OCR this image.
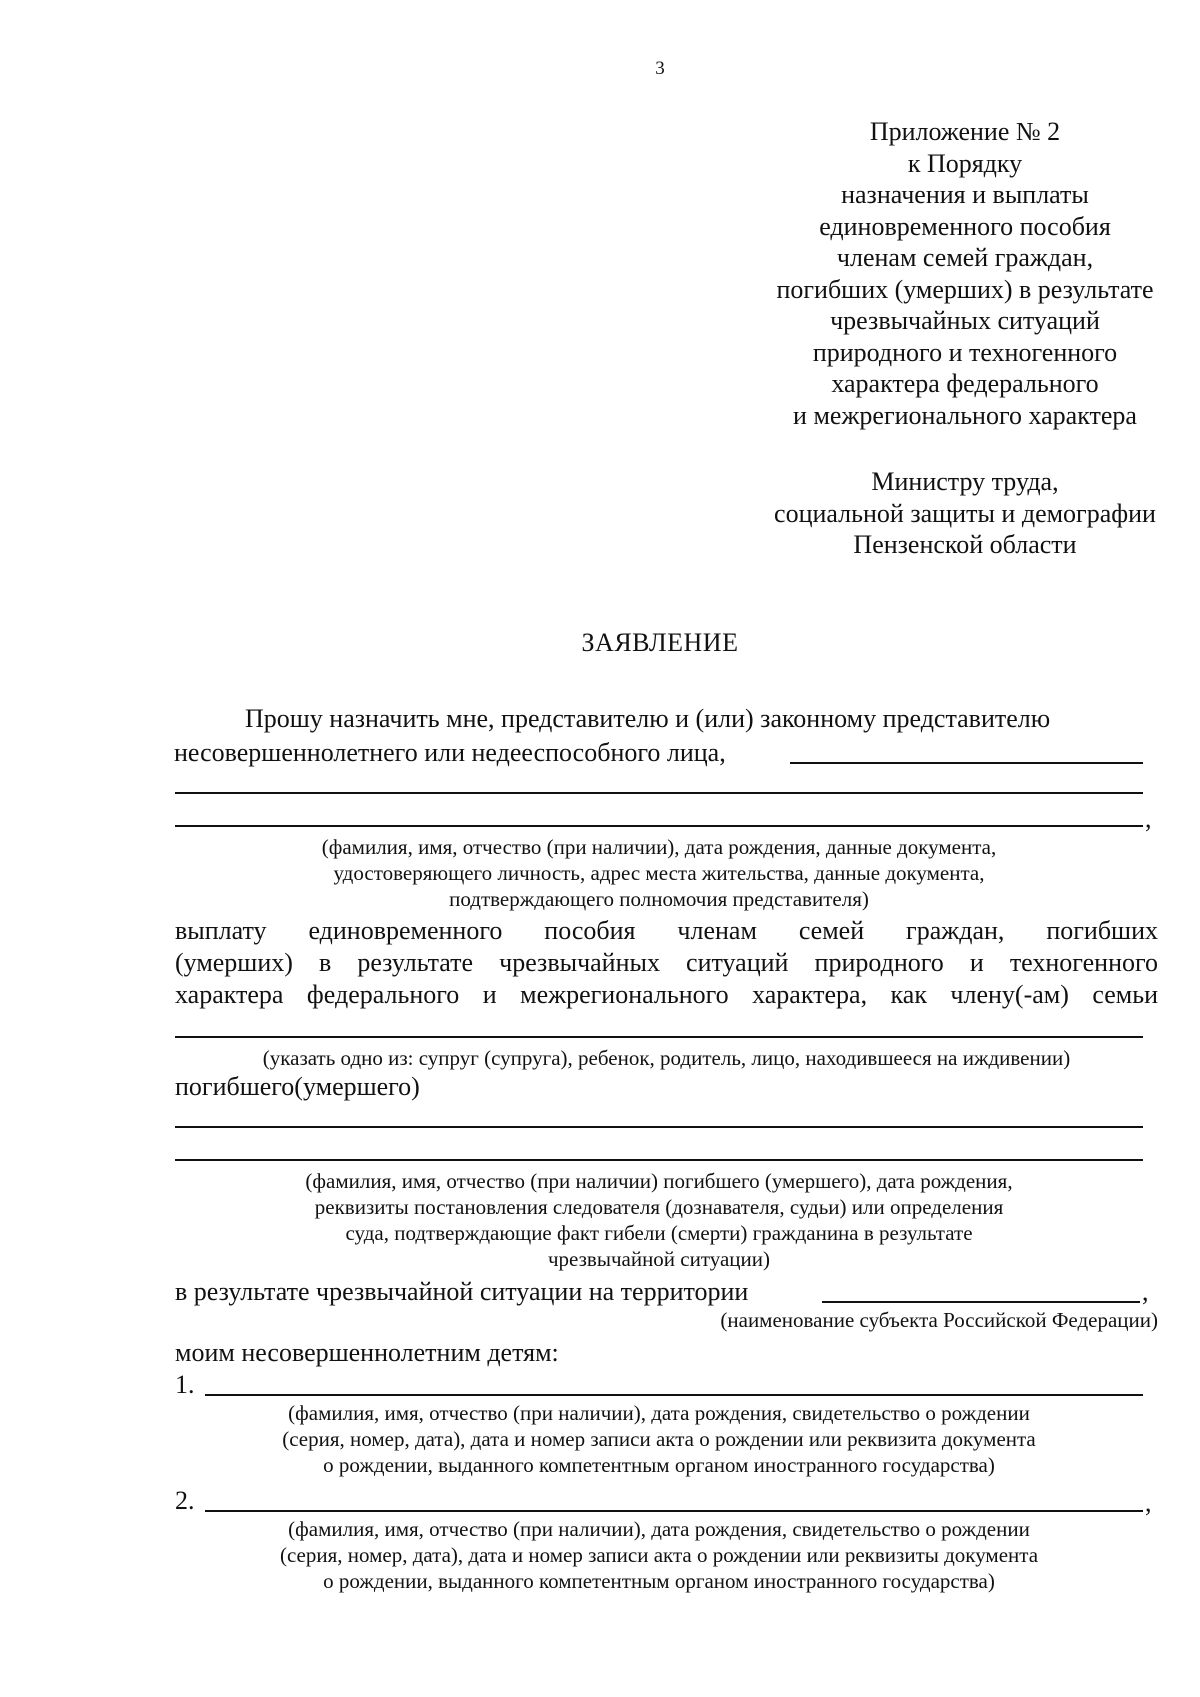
3
Приложение № 2
к Порядку
назначения и выплаты
единовременного пособия
членам семей граждан,
погибших (умерших) в результате
чрезвычайных ситуаций
природного и техногенного
характера федерального
и межрегионального характера
Министру труда,
социальной защиты и демографии
Пензенской области
ЗАЯВЛЕНИЕ
Прошу назначить мне, представителю и (или) законному представителю
несовершеннолетнего или недееспособного лица,
,
(фамилия, имя, отчество (при наличии), дата рождения, данные документа,
удостоверяющего личность, адрес места жительства, данные документа,
подтверждающего полномочия представителя)
выплату единовременного пособия членам семей граждан, погибших
(умерших) в результате чрезвычайных ситуаций природного и техногенного
характера федерального и межрегионального характера, как члену(-ам) семьи
(указать одно из: супруг (супруга), ребенок, родитель, лицо, находившееся на иждивении)
погибшего(умершего)
(фамилия, имя, отчество (при наличии) погибшего (умершего), дата рождения,
реквизиты постановления следователя (дознавателя, судьи) или определения
суда, подтверждающие факт гибели (смерти) гражданина в результате
чрезвычайной ситуации)
в результате чрезвычайной ситуации на территории	,
(наименование субъекта Российской Федерации)
моим несовершеннолетним детям:
1.
(фамилия, имя, отчество (при наличии), дата рождения, свидетельство о рождении
(серия, номер, дата), дата и номер записи акта о рождении или реквизита документа
о рождении, выданного компетентным органом иностранного государства)
2.	,
(фамилия, имя, отчество (при наличии), дата рождения, свидетельство о рождении
(серия, номер, дата), дата и номер записи акта о рождении или реквизиты документа
о рождении, выданного компетентным органом иностранного государства)
